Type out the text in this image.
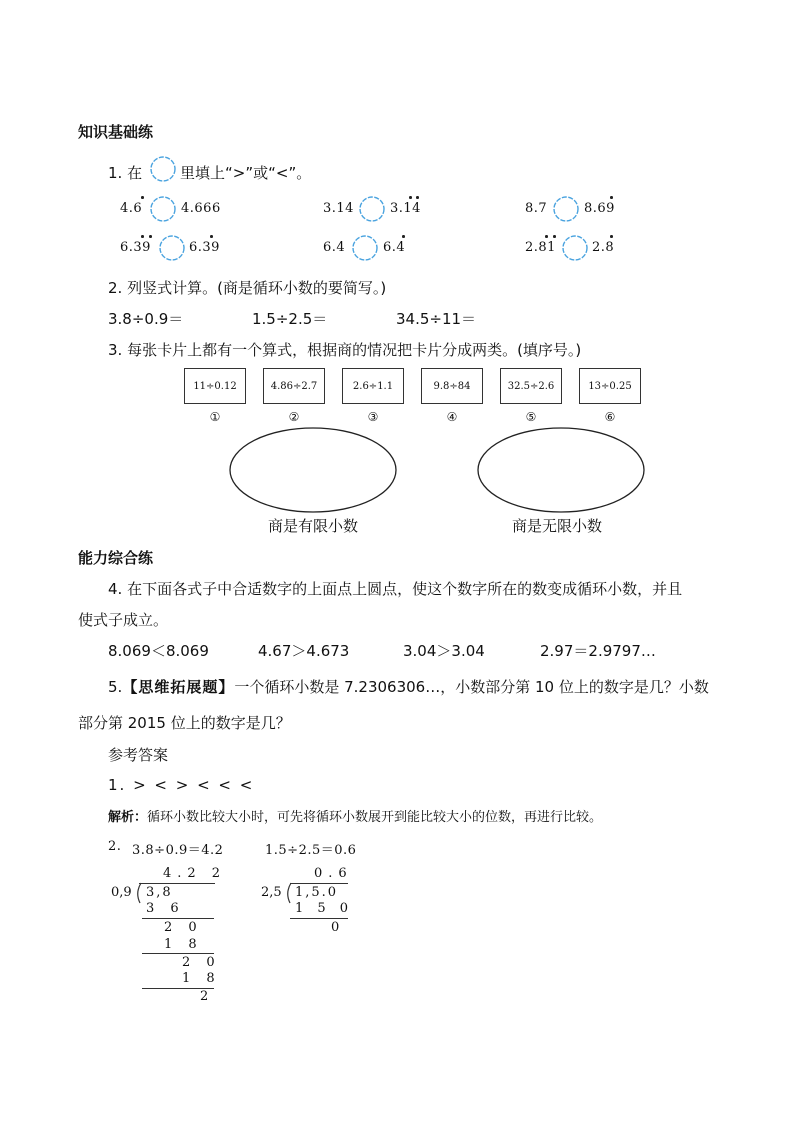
知识基础练
1. 在	里填上“>”或“<”。
4.6	4.666	3.14	3.14	8.7	8.69
6.39	6.39	6.4	6.4	2.81	2.8
2. 列竖式计算。(商是循环小数的要简写。)
3.8÷0.9＝	1.5÷2.5＝	34.5÷11＝
3. 每张卡片上都有一个算式，根据商的情况把卡片分成两类。(填序号。)
11÷0.12	4.86÷2.7	2.6÷1.1	9.8÷84	32.5÷2.6	13÷0.25
①	②	③	④	⑤	⑥
商是有限小数	商是无限小数
能力综合练
4. 在下面各式子中合适数字的上面点上圆点，使这个数字所在的数变成循环小数，并且
使式子成立。
8.069＜8.069	4.67＞4.673	3.04＞3.04	2.97＝2.9797…
5.【思维拓展题】一个循环小数是 7.2306306…，小数部分第 10 位上的数字是几？小数
部分第 2015 位上的数字是几？
参考答案
1. > < > < < <
解析：循环小数比较大小时，可先将循环小数展开到能比较大小的位数，再进行比较。
2. 3.8÷0.9＝4.2	1.5÷2.5＝0.6
4.2 2
0,9 3,8
3 6
2 0
1 8
2 0
1 8
2
0.6
2,5 1,5.0
1 5 0
0
